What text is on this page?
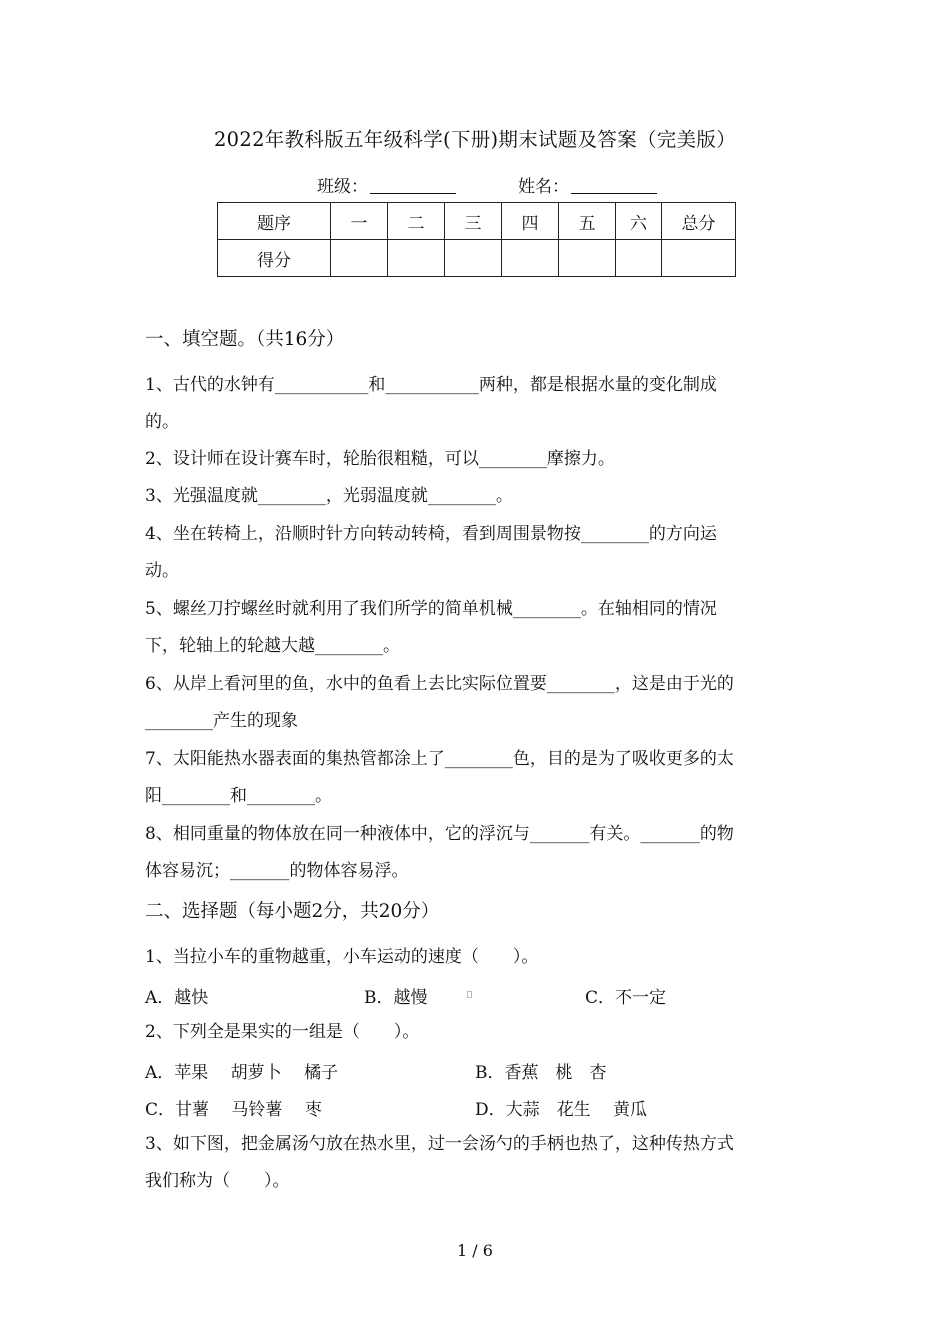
2022年教科版五年级科学(下册)期末试题及答案（完美版）
班级：	姓名：
题序	一	二	三	四	五	六	总分
得分							
一、填空题。（共16分）
1、古代的水钟有___________和___________两种，都是根据水量的变化制成
的。
2、设计师在设计赛车时，轮胎很粗糙，可以________摩擦力。
3、光强温度就________，光弱温度就________。
4、坐在转椅上，沿顺时针方向转动转椅，看到周围景物按________的方向运
动。
5、螺丝刀拧螺丝时就利用了我们所学的简单机械________。在轴相同的情况
下，轮轴上的轮越大越________。
6、从岸上看河里的鱼，水中的鱼看上去比实际位置要________，这是由于光的
________产生的现象
7、太阳能热水器表面的集热管都涂上了________色，目的是为了吸收更多的太
阳________和________。
8、相同重量的物体放在同一种液体中，它的浮沉与_______有关。_______的物
体容易沉；_______的物体容易浮。
二、选择题（每小题2分，共20分）
1、当拉小车的重物越重，小车运动的速度（　　）。
A．越快	B．越慢	C．不一定
2、下列全是果实的一组是（　　）。
A．苹果　 胡萝卜　 橘子	B．香蕉　桃　杏
C．甘薯　 马铃薯　 枣	D．大蒜　花生　 黄瓜
3、如下图，把金属汤勺放在热水里，过一会汤勺的手柄也热了，这种传热方式
我们称为（　　）。
1 / 6
